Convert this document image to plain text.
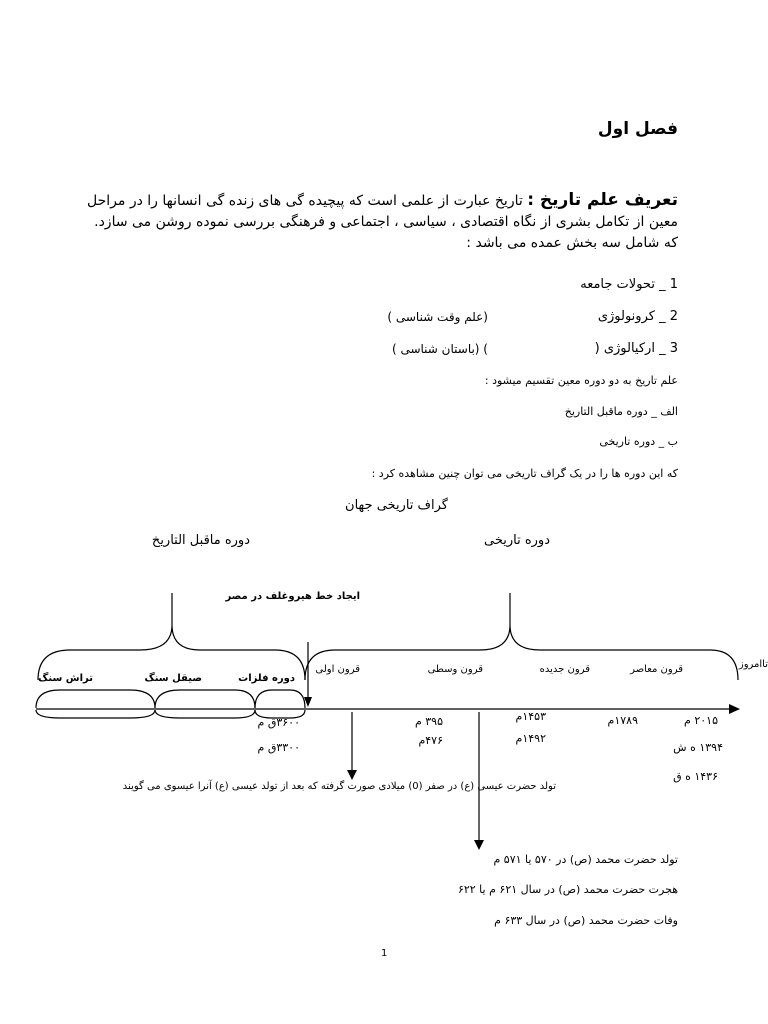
فصل اول
تعریف علم تاریخ : تاریخ عبارت از علمی است که پیچیده گی های زنده گی انسانها را در مراحل معین از تکامل بشری از نگاه اقتصادی ، سیاسی ، اجتماعی و فرهنگی بررسی نموده روشن می سازد.
که شامل سه بخش عمده می باشد :
1 _ تحولات جامعه
2 _ کرونولوژی
(علم وقت شناسی )
3 _ ارکیالوژی (
) (باستان شناسی )
علم تاریخ به دو دوره معین تقسیم میشود :
الف _ دوره ماقبل التاریخ
ب _ دوره تاریخی
که این دوره ها را در یک گراف تاریخی می توان چنین مشاهده کرد :
گراف تاریخی جهان
دوره ماقبل التاریخ	دوره تاریخی
ایجاد خط هیروغلف در مصر
تراش سنگ	صیقل سنگ	دوره فلزات
قرون اولی	قرون وسطی	قرون جدیده	قرون معاصر	تاامروز
۳۶۰۰ق م
۳۳۰۰ق م
۳۹۵ م
۴۷۶م
۱۴۵۳م
۱۴۹۲م
۱۷۸۹م	۲۰۱۵ م
۱۳۹۴ ه ش
۱۴۳۶ ه ق
تولد حضرت عیسی (ع) در صفر (0) میلادی صورت گرفته که بعد از تولد عیسی (ع) آنرا عیسوی می گویند
تولد حضرت محمد (ص) در ۵۷۰ یا ۵۷۱ م
هجرت حضرت محمد (ص) در سال ۶۲۱ م یا ۶۲۲
وفات حضرت محمد (ص) در سال ۶۳۳ م
1
